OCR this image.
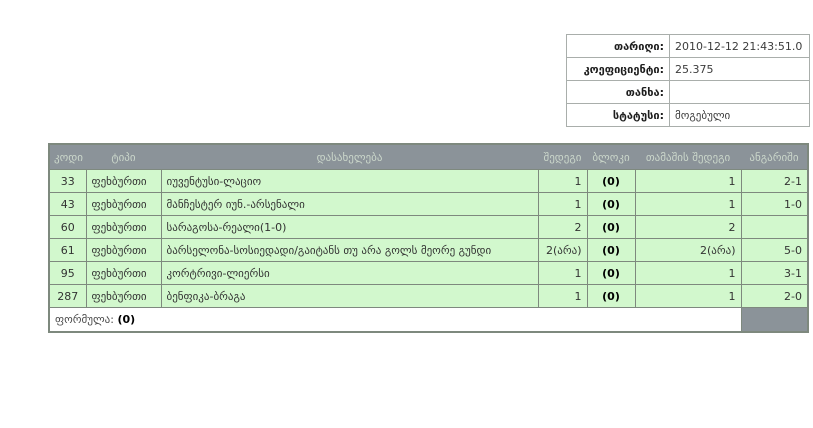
თარიღი:	2010-12-12 21:43:51.0
კოეფიციენტი:	25.375
თანხა:	
სტატუსი:	მოგებული
კოდი	ტიპი	დასახელება	შედეგი	ბლოკი	თამაშის შედეგი	ანგარიში
33	ფეხბურთი	იუვენტუსი-ლაციო	1	(0)	1	2-1
43	ფეხბურთი	მანჩესტერ იუნ.-არსენალი	1	(0)	1	1-0
60	ფეხბურთი	სარაგოსა-რეალი(1-0)	2	(0)	2	
61	ფეხბურთი	ბარსელონა-სოსიედადი/გაიტანს თუ არა გოლს მეორე გუნდი	2(არა)	(0)	2(არა)	5-0
95	ფეხბურთი	კორტრივი-ლიერსი	1	(0)	1	3-1
287	ფეხბურთი	ბენფიკა-ბრაგა	1	(0)	1	2-0
ფორმულა: (0)						
